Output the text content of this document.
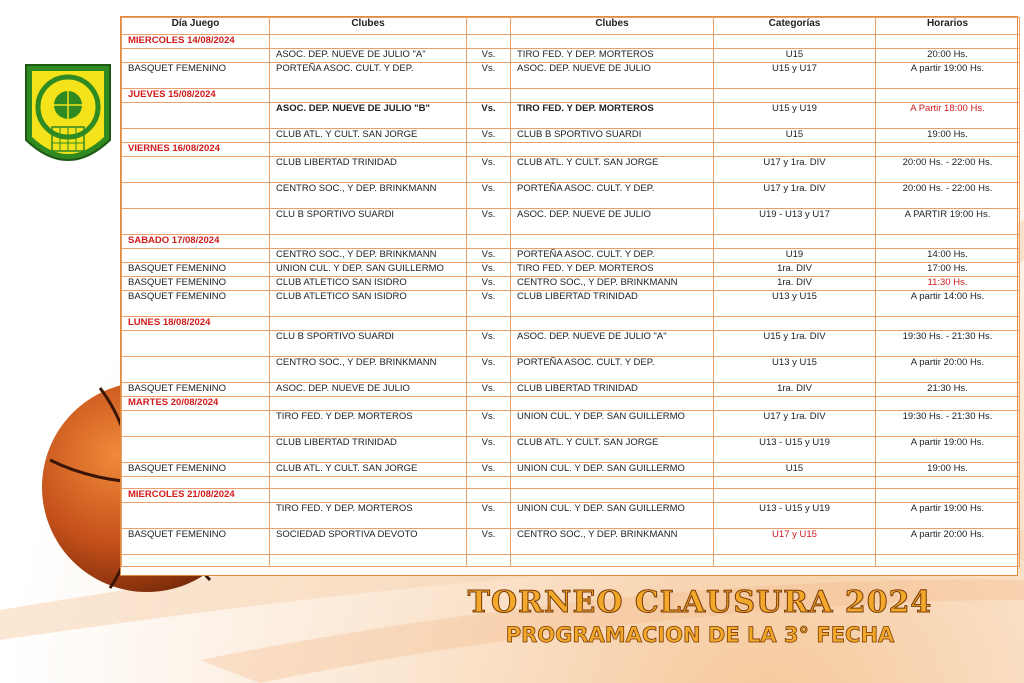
Día Juego	Clubes		Clubes	Categorías	Horarios
MIERCOLES 14/08/2024					
	ASOC. DEP. NUEVE DE JULIO "A"	Vs.	TIRO FED. Y DEP. MORTEROS	U15	20:00 Hs.
BASQUET FEMENINO	PORTEÑA ASOC. CULT. Y DEP.	Vs.	ASOC. DEP. NUEVE DE JULIO	U15 y U17	A partir 19:00 Hs.
JUEVES 15/08/2024					
	ASOC. DEP. NUEVE DE JULIO "B"	Vs.	TIRO FED. Y DEP. MORTEROS	U15 y U19	A Partir 18:00 Hs.
	CLUB ATL. Y CULT. SAN JORGE	Vs.	CLUB B SPORTIVO SUARDI	U15	19:00 Hs.
VIERNES 16/08/2024					
	CLUB LIBERTAD TRINIDAD	Vs.	CLUB ATL. Y CULT. SAN JORGE	U17 y 1ra. DIV	20:00 Hs. - 22:00 Hs.
	CENTRO SOC., Y DEP. BRINKMANN	Vs.	PORTEÑA ASOC. CULT. Y DEP.	U17 y 1ra. DIV	20:00 Hs. - 22:00 Hs.
	CLU B SPORTIVO SUARDI	Vs.	ASOC. DEP. NUEVE DE JULIO	U19 - U13 y U17	A PARTIR 19:00 Hs.
SABADO 17/08/2024					
	CENTRO SOC., Y DEP. BRINKMANN	Vs.	PORTEÑA ASOC. CULT. Y DEP.	U19	14:00 Hs.
BASQUET FEMENINO	UNION CUL. Y DEP. SAN GUILLERMO	Vs.	TIRO FED. Y DEP. MORTEROS	1ra. DIV	17:00 Hs.
BASQUET FEMENINO	CLUB ATLETICO SAN ISIDRO	Vs.	CENTRO SOC., Y DEP. BRINKMANN	1ra. DIV	11:30 Hs.
BASQUET FEMENINO	CLUB ATLETICO SAN ISIDRO	Vs.	CLUB LIBERTAD TRINIDAD	U13 y U15	A partir 14:00 Hs.
LUNES 18/08/2024					
	CLU B SPORTIVO SUARDI	Vs.	ASOC. DEP. NUEVE DE JULIO "A"	U15 y 1ra. DIV	19:30 Hs. - 21:30 Hs.
	CENTRO SOC., Y DEP. BRINKMANN	Vs.	PORTEÑA ASOC. CULT. Y DEP.	U13 y U15	A partir 20:00 Hs.
BASQUET FEMENINO	ASOC. DEP. NUEVE DE JULIO	Vs.	CLUB LIBERTAD TRINIDAD	1ra. DIV	21:30 Hs.
MARTES 20/08/2024					
	TIRO FED. Y DEP. MORTEROS	Vs.	UNION CUL. Y DEP. SAN GUILLERMO	U17 y 1ra. DIV	19:30 Hs. - 21:30 Hs.
	CLUB LIBERTAD TRINIDAD	Vs.	CLUB ATL. Y CULT. SAN JORGE	U13 - U15 y U19	A partir 19:00 Hs.
BASQUET FEMENINO	CLUB ATL. Y CULT. SAN JORGE	Vs.	UNION CUL. Y DEP. SAN GUILLERMO	U15	19:00 Hs.

MIERCOLES 21/08/2024					
	TIRO FED. Y DEP. MORTEROS	Vs.	UNION CUL. Y DEP. SAN GUILLERMO	U13 - U15 y U19	A partir 19:00 Hs.
BASQUET FEMENINO	SOCIEDAD SPORTIVA DEVOTO	Vs.	CENTRO SOC., Y DEP. BRINKMANN	U17 y U15	A partir 20:00 Hs.

TORNEO CLAUSURA 2024
PROGRAMACION DE LA 3° FECHA
